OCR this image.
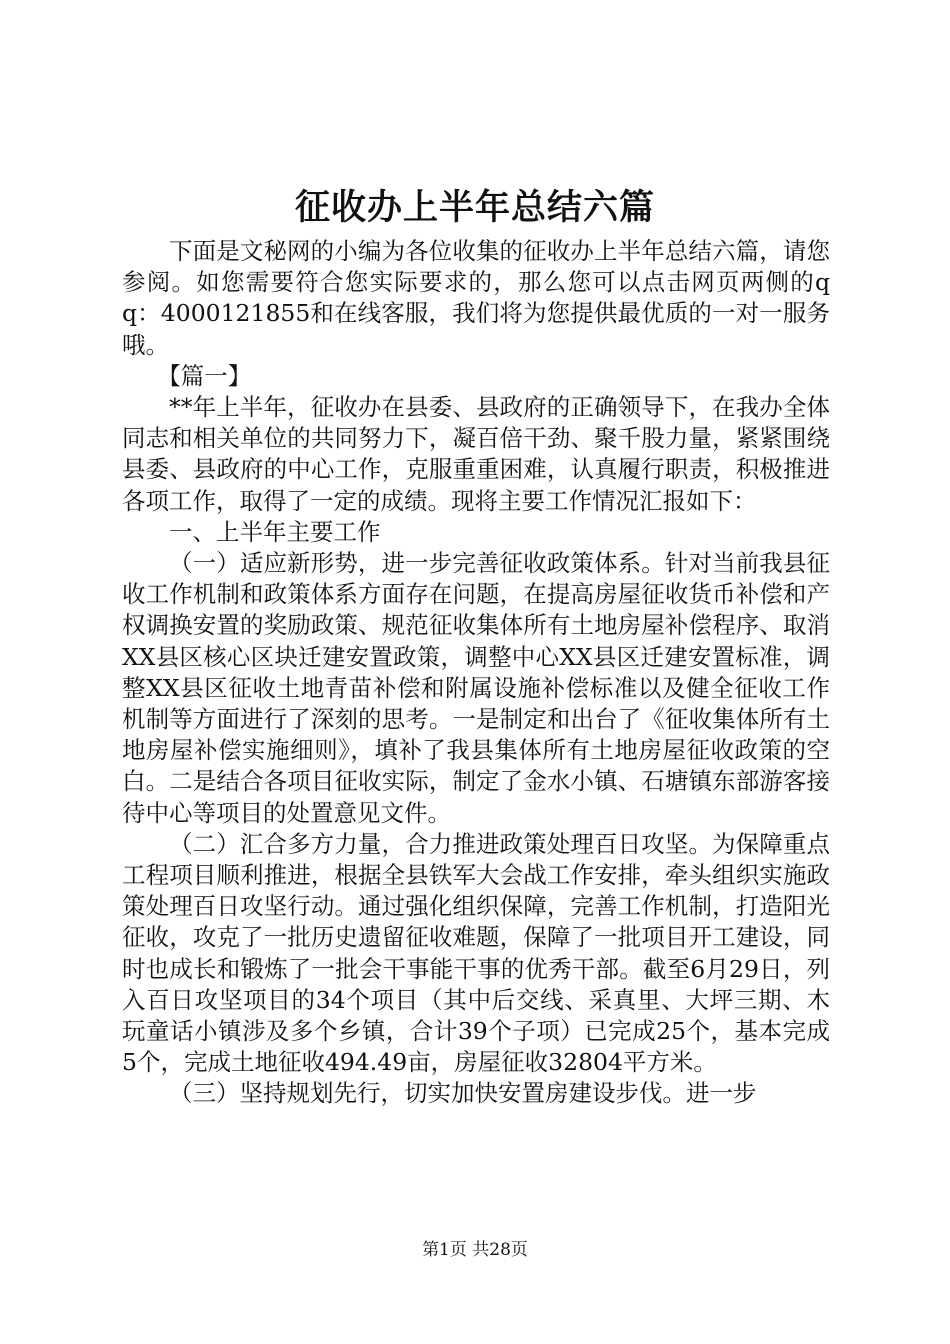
征收办上半年总结六篇

下面是文秘网的小编为各位收集的征收办上半年总结六篇，请您参阅。如您需要符合您实际要求的，那么您可以点击网页两侧的qq：4000121855和在线客服，我们将为您提供最优质的一对一服务哦。

【篇一】

**年上半年，征收办在县委、县政府的正确领导下，在我办全体同志和相关单位的共同努力下，凝百倍干劲、聚千股力量，紧紧围绕县委、县政府的中心工作，克服重重困难，认真履行职责，积极推进各项工作，取得了一定的成绩。现将主要工作情况汇报如下：

一、上半年主要工作

（一）适应新形势，进一步完善征收政策体系。针对当前我县征收工作机制和政策体系方面存在问题，在提高房屋征收货币补偿和产权调换安置的奖励政策、规范征收集体所有土地房屋补偿程序、取消XX县区核心区块迁建安置政策，调整中心XX县区迁建安置标准，调整XX县区征收土地青苗补偿和附属设施补偿标准以及健全征收工作机制等方面进行了深刻的思考。一是制定和出台了《征收集体所有土地房屋补偿实施细则》，填补了我县集体所有土地房屋征收政策的空白。二是结合各项目征收实际，制定了金水小镇、石塘镇东部游客接待中心等项目的处置意见文件。

（二）汇合多方力量，合力推进政策处理百日攻坚。为保障重点工程项目顺利推进，根据全县铁军大会战工作安排，牵头组织实施政策处理百日攻坚行动。通过强化组织保障，完善工作机制，打造阳光征收，攻克了一批历史遗留征收难题，保障了一批项目开工建设，同时也成长和锻炼了一批会干事能干事的优秀干部。截至6月29日，列入百日攻坚项目的34个项目（其中后交线、采真里、大坪三期、木玩童话小镇涉及多个乡镇，合计39个子项）已完成25个，基本完成5个，完成土地征收494.49亩，房屋征收32804平方米。

（三）坚持规划先行，切实加快安置房建设步伐。进一步

第1页 共28页
